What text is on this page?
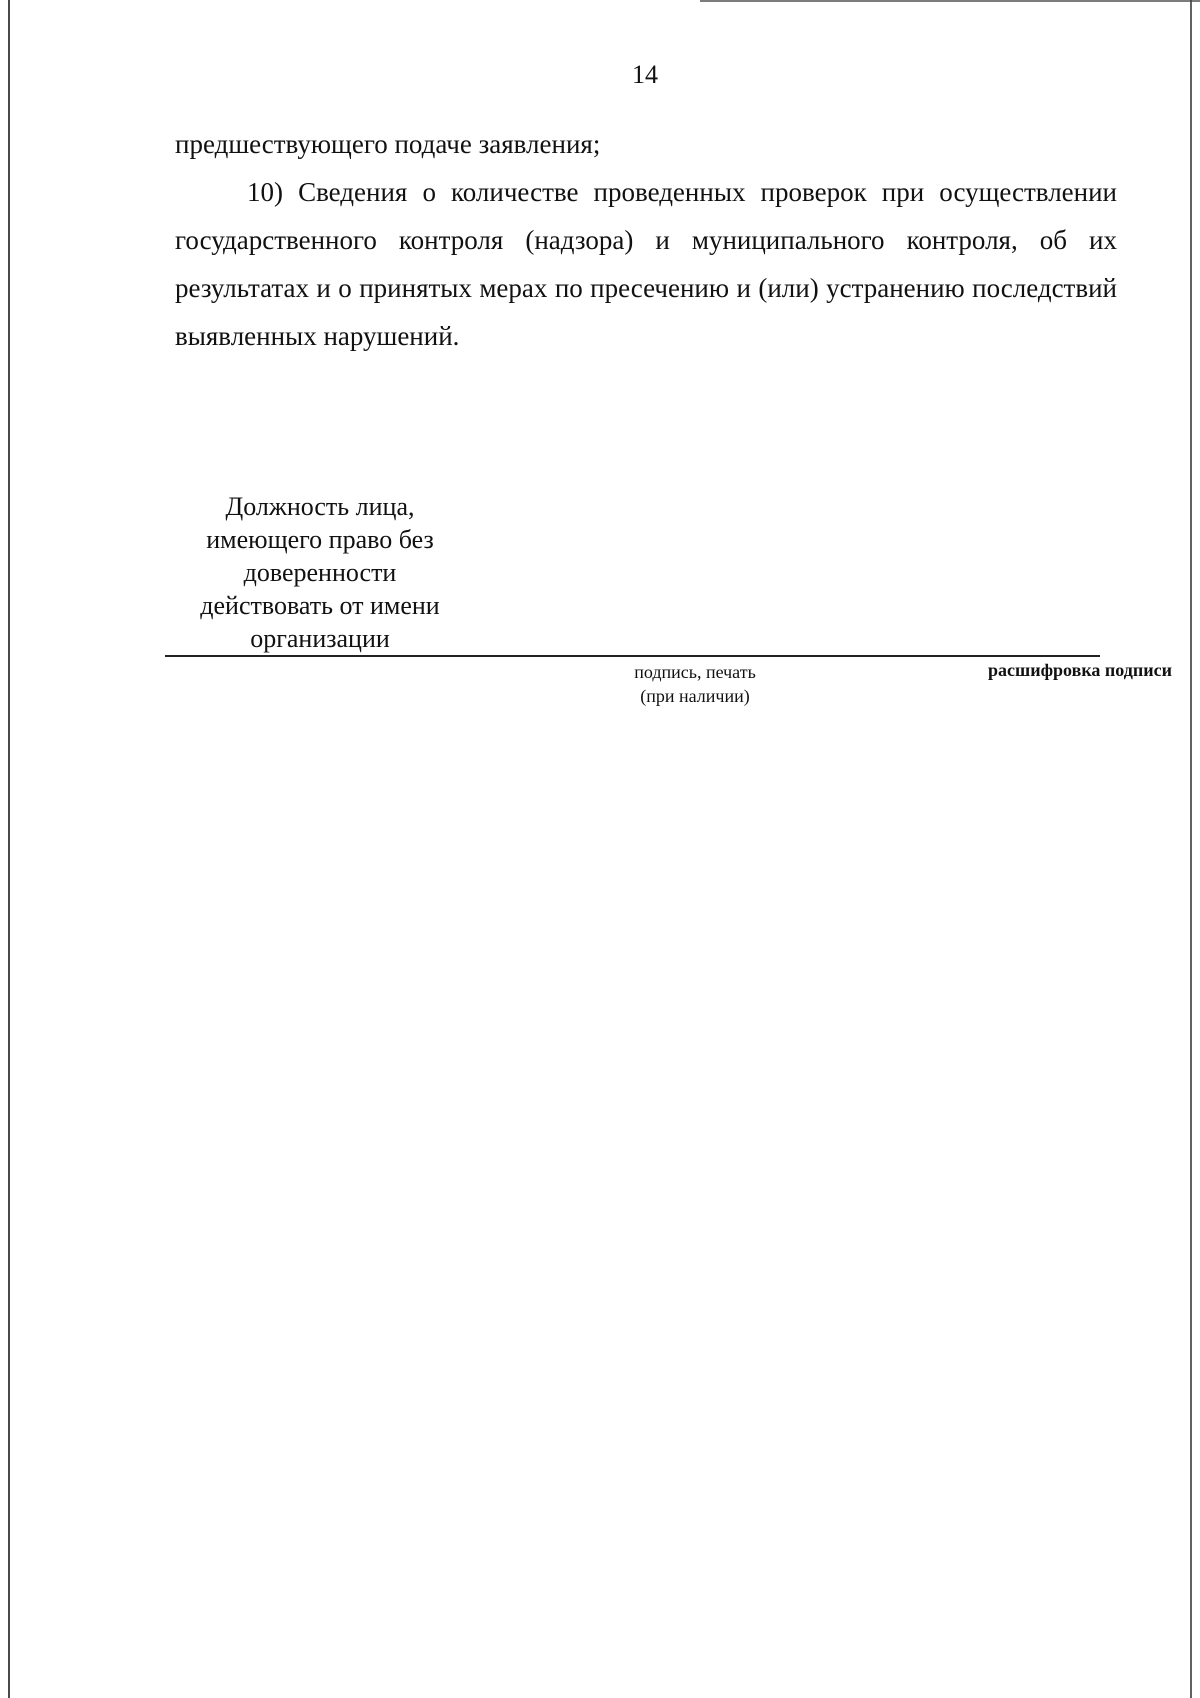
14

предшествующего подаче заявления;

10) Сведения о количестве проведенных проверок при осуществлении государственного контроля (надзора) и муниципального контроля, об их результатах и о принятых мерах по пресечению и (или) устранению последствий выявленных нарушений.

Должность лица,
имеющего право без
доверенности
действовать от имени
организации
подпись, печать
(при наличии)
расшифровка подписи
